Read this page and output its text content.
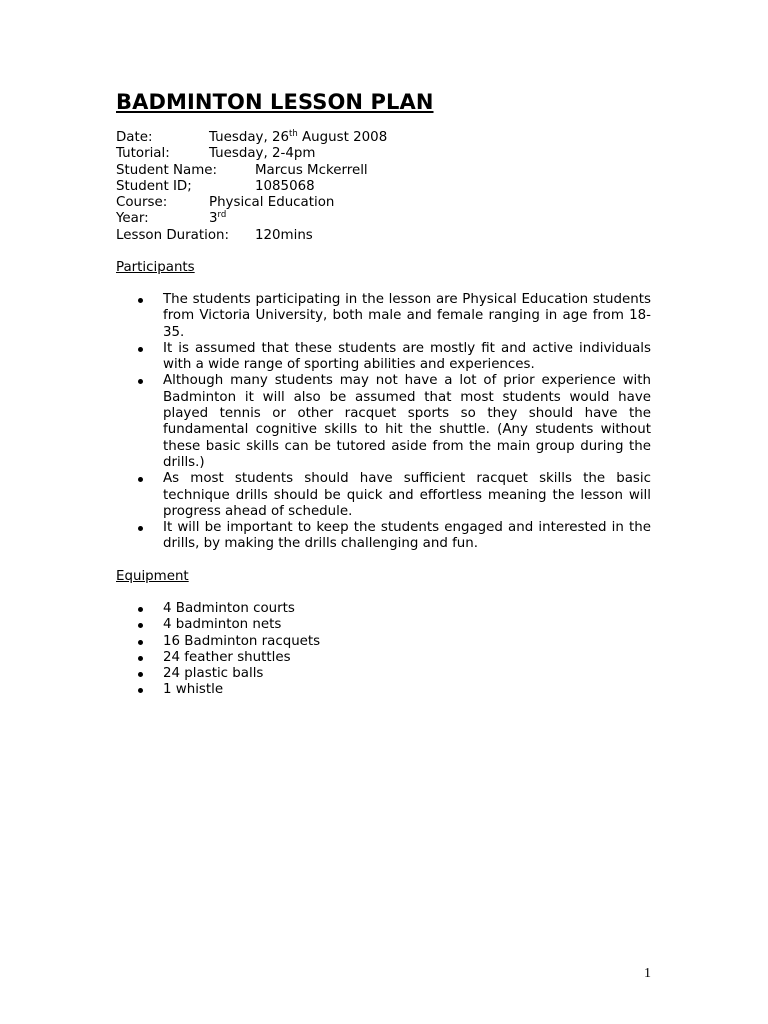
BADMINTON LESSON PLAN
Date:	Tuesday, 26th August 2008
Tutorial:	Tuesday, 2-4pm
Student Name:	Marcus Mckerrell
Student ID;	1085068
Course:	Physical Education
Year:	3rd
Lesson Duration: 120mins
Participants
The students participating in the lesson are Physical Education students from Victoria University, both male and female ranging in age from 18-35.
It is assumed that these students are mostly fit and active individuals with a wide range of sporting abilities and experiences.
Although many students may not have a lot of prior experience with Badminton it will also be assumed that most students would have played tennis or other racquet sports so they should have the fundamental cognitive skills to hit the shuttle. (Any students without these basic skills can be tutored aside from the main group during the drills.)
As most students should have sufficient racquet skills the basic technique drills should be quick and effortless meaning the lesson will progress ahead of schedule.
It will be important to keep the students engaged and interested in the drills, by making the drills challenging and fun.
Equipment
4 Badminton courts
4 badminton nets
16 Badminton racquets
24 feather shuttles
24 plastic balls
1 whistle
1
